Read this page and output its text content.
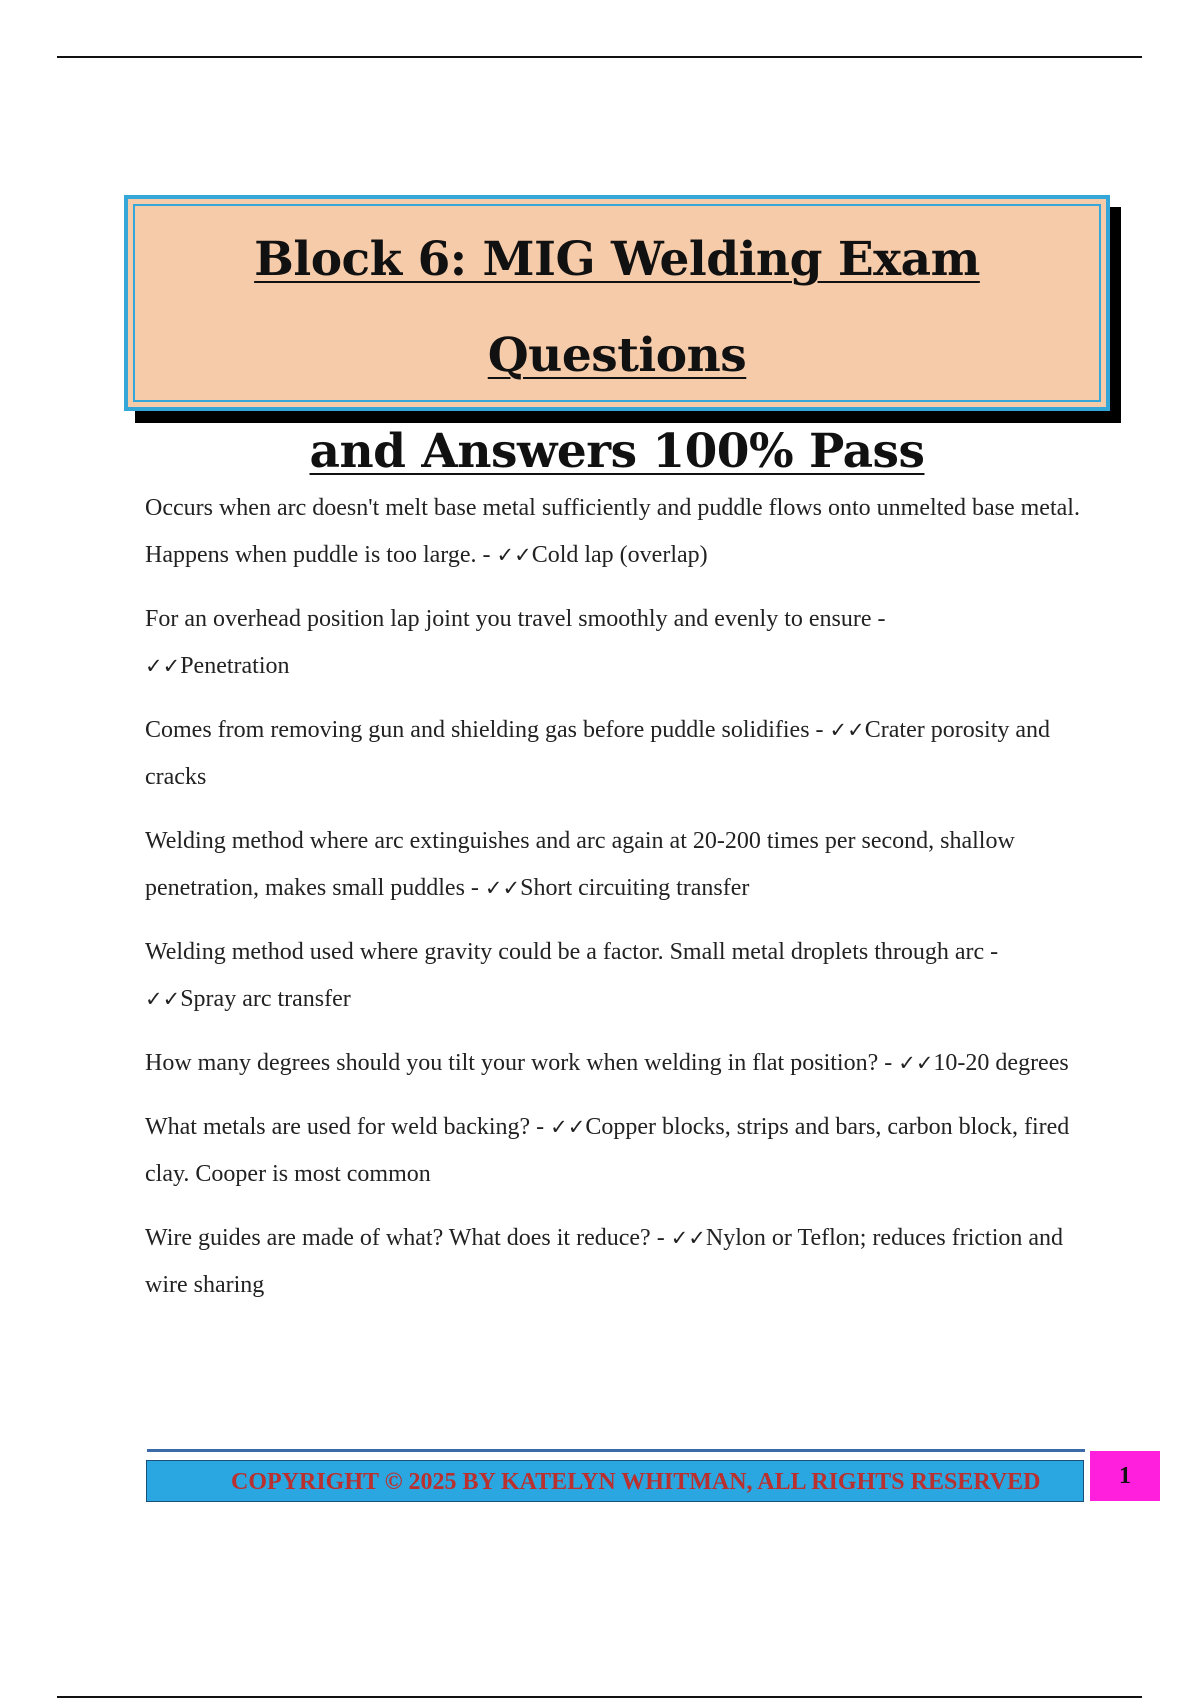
Block 6: MIG Welding Exam Questions
and Answers 100% Pass

Occurs when arc doesn't melt base metal sufficiently and puddle flows onto unmelted base metal. Happens when puddle is too large. - ✓✓Cold lap (overlap)

For an overhead position lap joint you travel smoothly and evenly to ensure -
✓✓Penetration

Comes from removing gun and shielding gas before puddle solidifies - ✓✓Crater porosity and cracks

Welding method where arc extinguishes and arc again at 20-200 times per second, shallow penetration, makes small puddles - ✓✓Short circuiting transfer

Welding method used where gravity could be a factor. Small metal droplets through arc - ✓✓Spray arc transfer

How many degrees should you tilt your work when welding in flat position? - ✓✓10-20 degrees

What metals are used for weld backing? - ✓✓Copper blocks, strips and bars, carbon block, fired clay. Cooper is most common

Wire guides are made of what? What does it reduce? - ✓✓Nylon or Teflon; reduces friction and wire sharing

COPYRIGHT © 2025 BY KATELYN WHITMAN, ALL RIGHTS RESERVED	1
